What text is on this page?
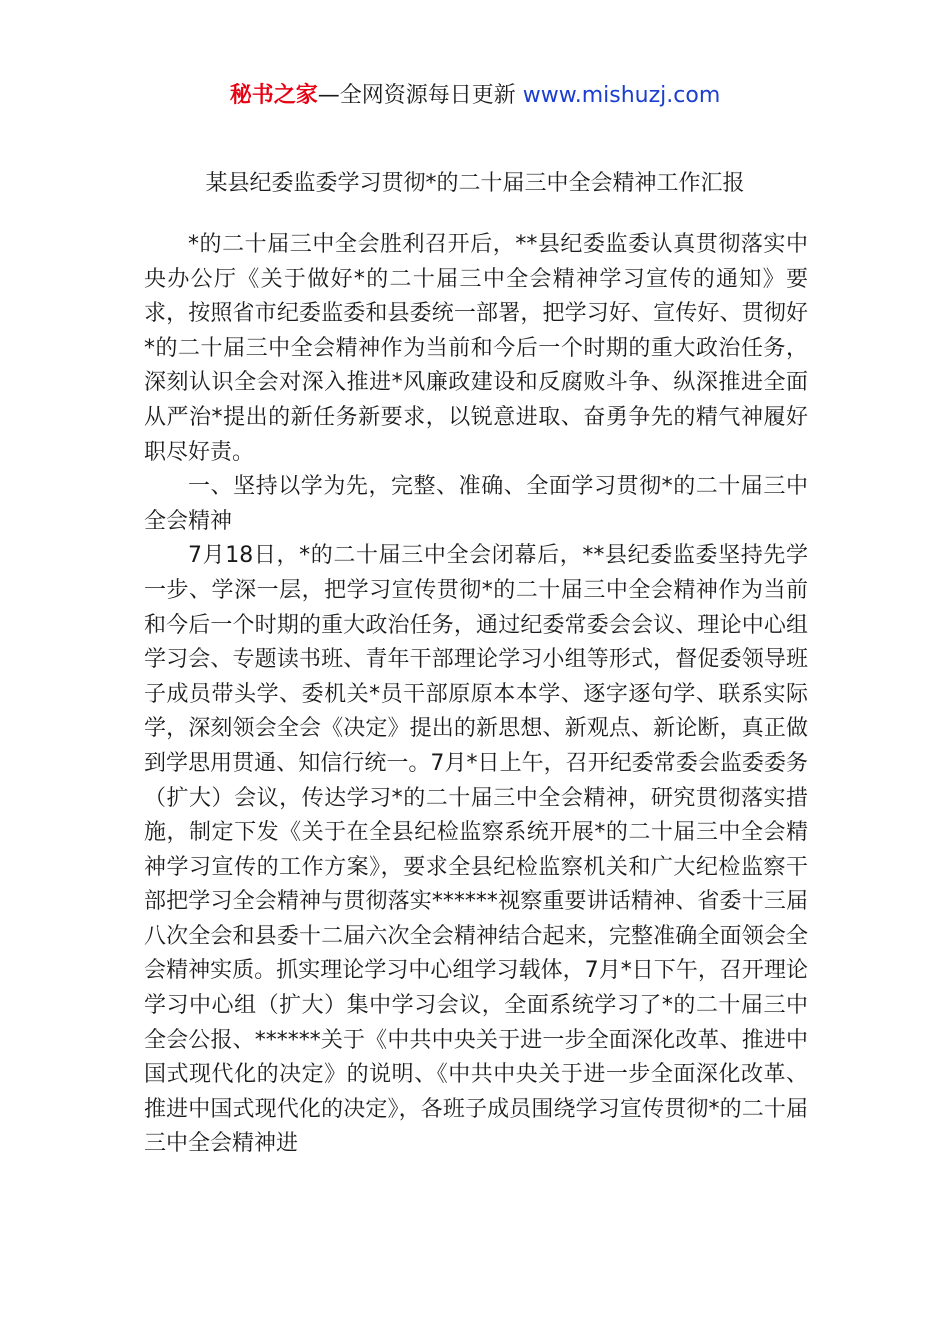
秘书之家—全网资源每日更新 www.mishuzj.com
某县纪委监委学习贯彻*的二十届三中全会精神工作汇报

*的二十届三中全会胜利召开后，**县纪委监委认真贯彻落实中央办公厅《关于做好*的二十届三中全会精神学习宣传的通知》要求，按照省市纪委监委和县委统一部署，把学习好、宣传好、贯彻好*的二十届三中全会精神作为当前和今后一个时期的重大政治任务，深刻认识全会对深入推进*风廉政建设和反腐败斗争、纵深推进全面从严治*提出的新任务新要求，以锐意进取、奋勇争先的精气神履好职尽好责。

一、坚持以学为先，完整、准确、全面学习贯彻*的二十届三中全会精神

7月18日，*的二十届三中全会闭幕后，**县纪委监委坚持先学一步、学深一层，把学习宣传贯彻*的二十届三中全会精神作为当前和今后一个时期的重大政治任务，通过纪委常委会会议、理论中心组学习会、专题读书班、青年干部理论学习小组等形式，督促委领导班子成员带头学、委机关*员干部原原本本学、逐字逐句学、联系实际学，深刻领会全会《决定》提出的新思想、新观点、新论断，真正做到学思用贯通、知信行统一。7月*日上午，召开纪委常委会监委委务（扩大）会议，传达学习*的二十届三中全会精神，研究贯彻落实措施，制定下发《关于在全县纪检监察系统开展*的二十届三中全会精神学习宣传的工作方案》，要求全县纪检监察机关和广大纪检监察干部把学习全会精神与贯彻落实******视察重要讲话精神、省委十三届八次全会和县委十二届六次全会精神结合起来，完整准确全面领会全会精神实质。抓实理论学习中心组学习载体，7月*日下午，召开理论学习中心组（扩大）集中学习会议，全面系统学习了*的二十届三中全会公报、******关于《中共中央关于进一步全面深化改革、推进中国式现代化的决定》的说明、《中共中央关于进一步全面深化改革、推进中国式现代化的决定》，各班子成员围绕学习宣传贯彻*的二十届三中全会精神进
